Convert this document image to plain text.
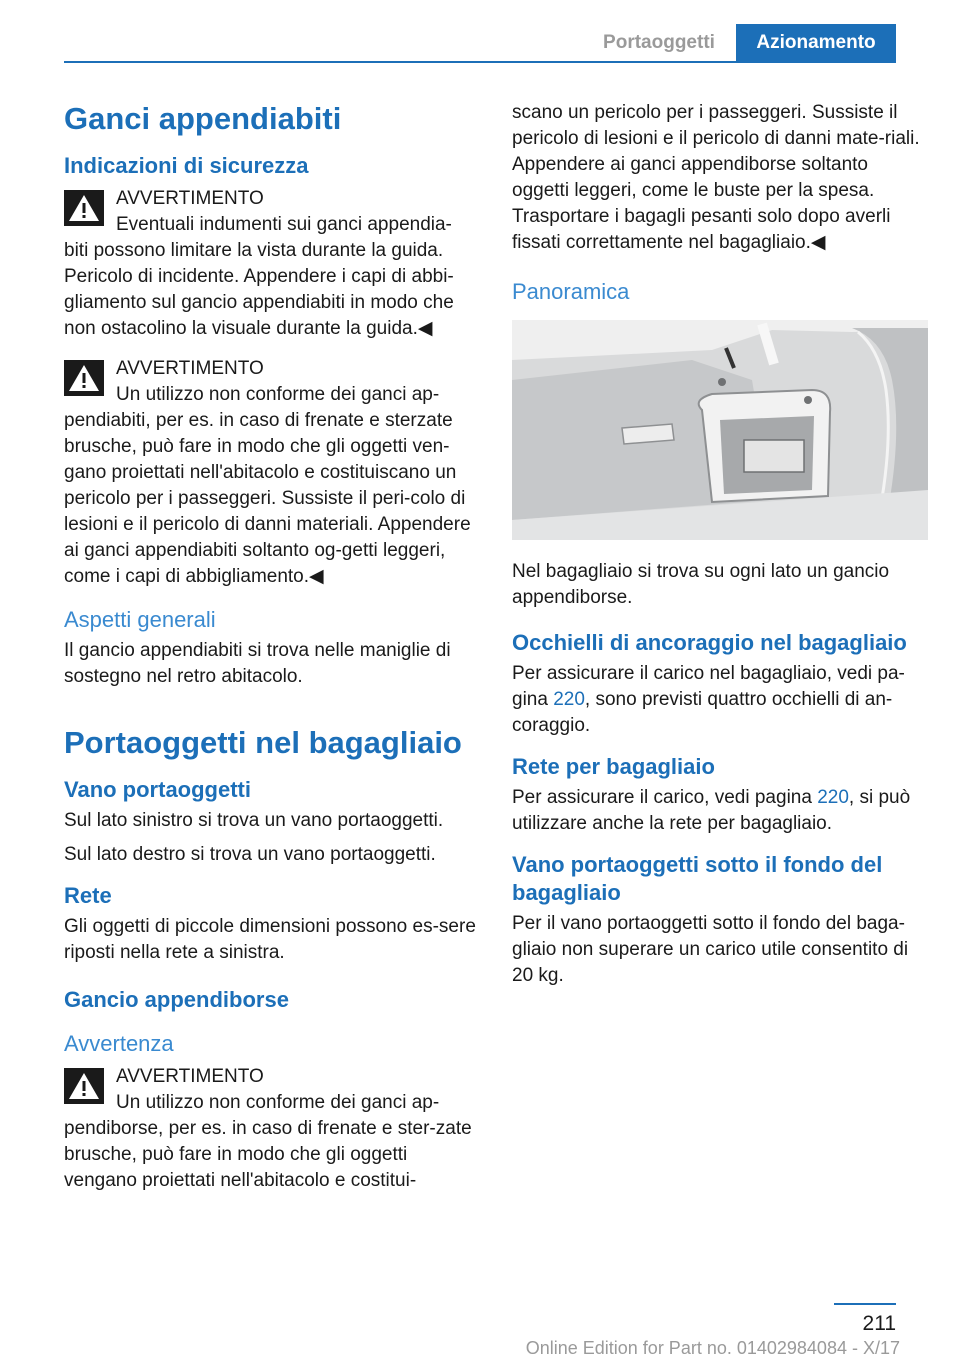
Portaoggetti	Azionamento
Ganci appendiabiti
Indicazioni di sicurezza
AVVERTIMENTO
Eventuali indumenti sui ganci appendia‐

biti possono limitare la vista durante la guida. Pericolo di incidente. Appendere i capi di abbi‐gliamento sul gancio appendiabiti in modo che non ostacolino la visuale durante la guida.◀

AVVERTIMENTO
Un utilizzo non conforme dei ganci ap‐

pendiabiti, per es. in caso di frenate e sterzate brusche, può fare in modo che gli oggetti ven‐gano proiettati nell'abitacolo e costituiscano un pericolo per i passeggeri. Sussiste il peri‐colo di lesioni e il pericolo di danni materiali. Appendere ai ganci appendiabiti soltanto og‐getti leggeri, come i capi di abbigliamento.◀

Aspetti generali

Il gancio appendiabiti si trova nelle maniglie di sostegno nel retro abitacolo.

Portaoggetti nel bagagliaio
Vano portaoggetti

Sul lato sinistro si trova un vano portaoggetti.

Sul lato destro si trova un vano portaoggetti.

Rete

Gli oggetti di piccole dimensioni possono es‐sere riposti nella rete a sinistra.

Gancio appendiborse
Avvertenza
AVVERTIMENTO
Un utilizzo non conforme dei ganci ap‐

pendiborse, per es. in caso di frenate e ster‐zate brusche, può fare in modo che gli oggetti vengano proiettati nell'abitacolo e costitui‐

scano un pericolo per i passeggeri. Sussiste il pericolo di lesioni e il pericolo di danni mate‐riali. Appendere ai ganci appendiborse soltanto oggetti leggeri, come le buste per la spesa. Trasportare i bagagli pesanti solo dopo averli fissati correttamente nel bagagliaio.◀

Panoramica

Nel bagagliaio si trova su ogni lato un gancio appendiborse.

Occhielli di ancoraggio nel bagagliaio

Per assicurare il carico nel bagagliaio, vedi pa‐gina 220, sono previsti quattro occhielli di an‐coraggio.

Rete per bagagliaio

Per assicurare il carico, vedi pagina 220, si può utilizzare anche la rete per bagagliaio.

Vano portaoggetti sotto il fondo del bagagliaio

Per il vano portaoggetti sotto il fondo del baga‐gliaio non superare un carico utile consentito di 20 kg.

211
Online Edition for Part no. 01402984084 - X/17
